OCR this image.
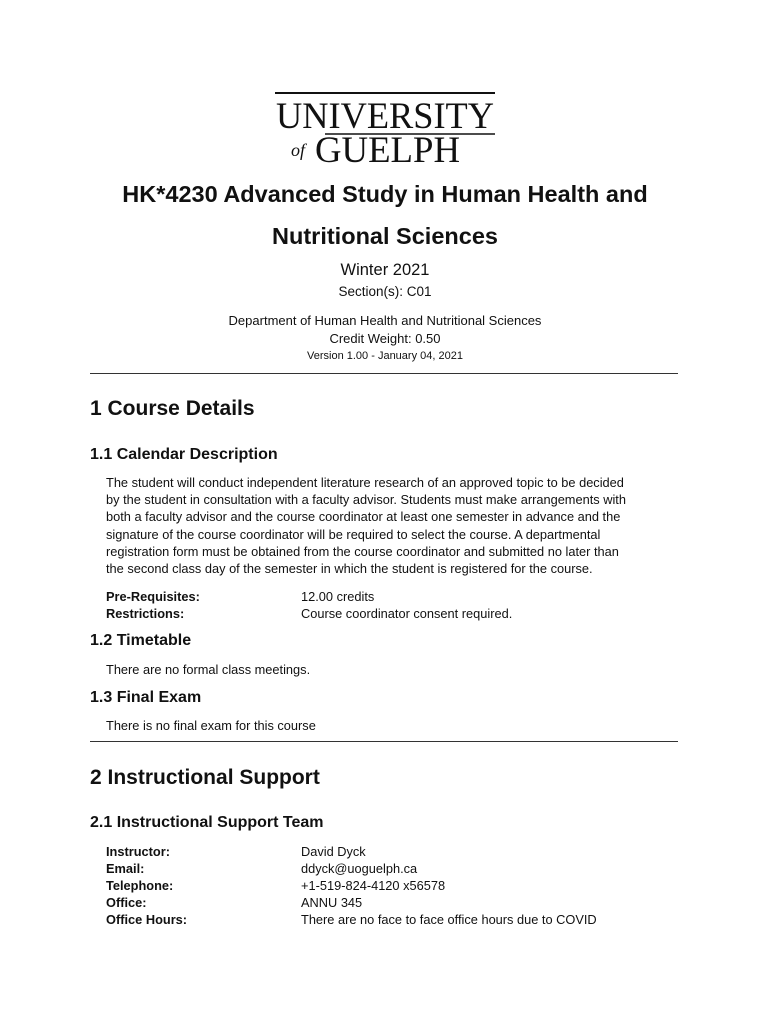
UNIVERSITY
of GUELPH
HK*4230 Advanced Study in Human Health and
Nutritional Sciences
Winter 2021
Section(s): C01
Department of Human Health and Nutritional Sciences
Credit Weight: 0.50
Version 1.00 - January 04, 2021
1 Course Details
1.1 Calendar Description
The student will conduct independent literature research of an approved topic to be decided
by the student in consultation with a faculty advisor. Students must make arrangements with
both a faculty advisor and the course coordinator at least one semester in advance and the
signature of the course coordinator will be required to select the course. A departmental
registration form must be obtained from the course coordinator and submitted no later than
the second class day of the semester in which the student is registered for the course.
Pre-Requisites:	12.00 credits
Restrictions:	Course coordinator consent required.
1.2 Timetable
There are no formal class meetings.
1.3 Final Exam
There is no final exam for this course
2 Instructional Support
2.1 Instructional Support Team
Instructor:	David Dyck
Email:	ddyck@uoguelph.ca
Telephone:	+1-519-824-4120 x56578
Office:	ANNU 345
Office Hours:	There are no face to face office hours due to COVID
